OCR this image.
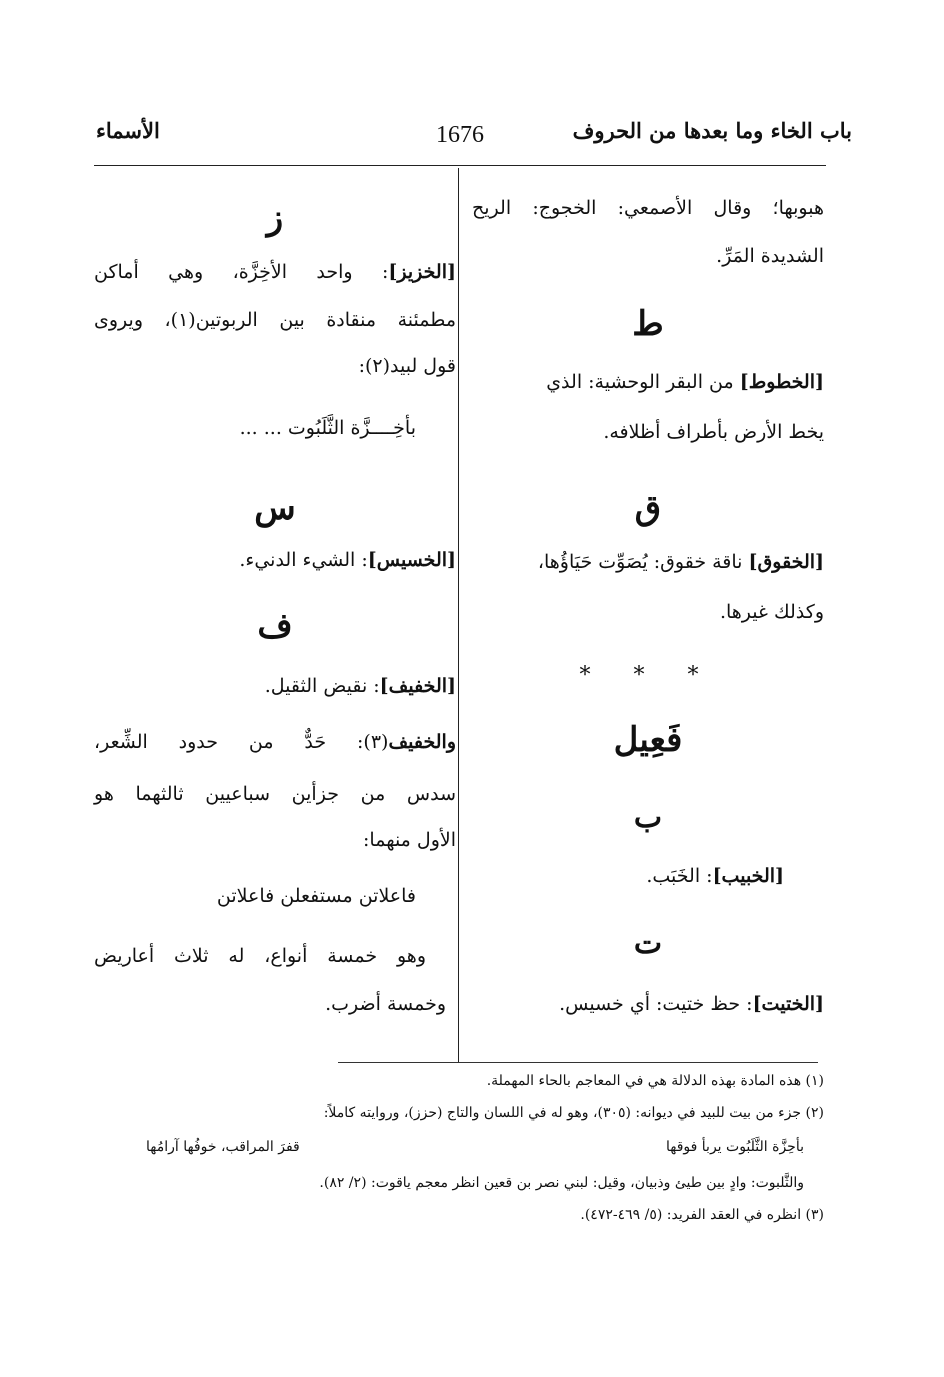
باب الخاء وما بعدها من الحروف
1676
الأسماء
هبوبها؛ وقال الأصمعي: الخجوج: الريح
الشديدة المَرِّ.
ط
[الخطوط] من البقر الوحشية: الذي
يخط الأرض بأطراف أظلافه.
ق
[الخقوق] ناقة خقوق: يُصَوِّت حَيَاؤُها،
وكذلك غيرها.
* * *
فَعِيل
ب
[الخبيب]: الخَبَب.
ت
[الختيت]: حظ ختيت: أي خسيس.
ز
[الخزيز]: واحد الأخِزَّة، وهي أماكن
مطمئنة منقادة بين الربوتين(١)، ويروى
قول لبيد(٢):
بأخِــــزَّة الثَّلَبُوت ... ...
س
[الخسيس]: الشيء الدنيء.
ف
[الخفيف]: نقيض الثقيل.
والخفيف(٣): حَدٌّ من حدود الشِّعر،
سدس من جزأين سباعيين ثالثهما هو
الأول منهما:
فاعلاتن مستفعلن فاعلاتن
وهو خمسة أنواع، له ثلاث أعاريض
وخمسة أضرب.
(١) هذه المادة بهذه الدلالة هي في المعاجم بالحاء المهملة.
(٢) جزء من بيت للبيد في ديوانه: (٣٠٥)، وهو له في اللسان والتاج (حزز)، وروايته كاملاً:
بأحِزَّة الثَّلَبُوت يربأ فوقها
قفرَ المراقب، خوفُها آرامُها
والثَّلبوت: وادٍ بين طيئ وذبيان، وقيل: لبني نصر بن قعين انظر معجم ياقوت: (٢/ ٨٢).
(٣) انظره في العقد الفريد: (٥/ ٤٦٩-٤٧٢).
